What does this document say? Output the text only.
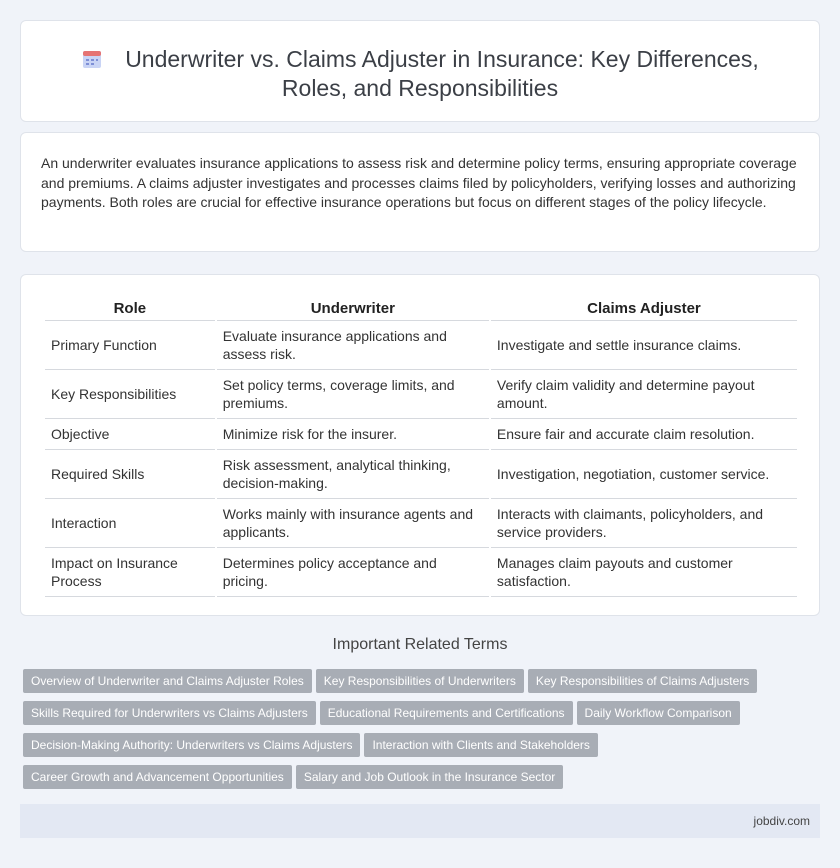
Underwriter vs. Claims Adjuster in Insurance: Key Differences, Roles, and Responsibilities

An underwriter evaluates insurance applications to assess risk and determine policy terms, ensuring appropriate coverage and premiums. A claims adjuster investigates and processes claims filed by policyholders, verifying losses and authorizing payments. Both roles are crucial for effective insurance operations but focus on different stages of the policy lifecycle.

Role	Underwriter	Claims Adjuster
Primary Function	Evaluate insurance applications and assess risk.	Investigate and settle insurance claims.
Key Responsibilities	Set policy terms, coverage limits, and premiums.	Verify claim validity and determine payout amount.
Objective	Minimize risk for the insurer.	Ensure fair and accurate claim resolution.
Required Skills	Risk assessment, analytical thinking, decision-making.	Investigation, negotiation, customer service.
Interaction	Works mainly with insurance agents and applicants.	Interacts with claimants, policyholders, and service providers.
Impact on Insurance Process	Determines policy acceptance and pricing.	Manages claim payouts and customer satisfaction.
Important Related Terms
Overview of Underwriter and Claims Adjuster Roles Key Responsibilities of Underwriters Key Responsibilities of Claims Adjusters
Skills Required for Underwriters vs Claims Adjusters Educational Requirements and Certifications Daily Workflow Comparison
Decision-Making Authority: Underwriters vs Claims Adjusters Interaction with Clients and Stakeholders
Career Growth and Advancement Opportunities Salary and Job Outlook in the Insurance Sector
jobdiv.com
